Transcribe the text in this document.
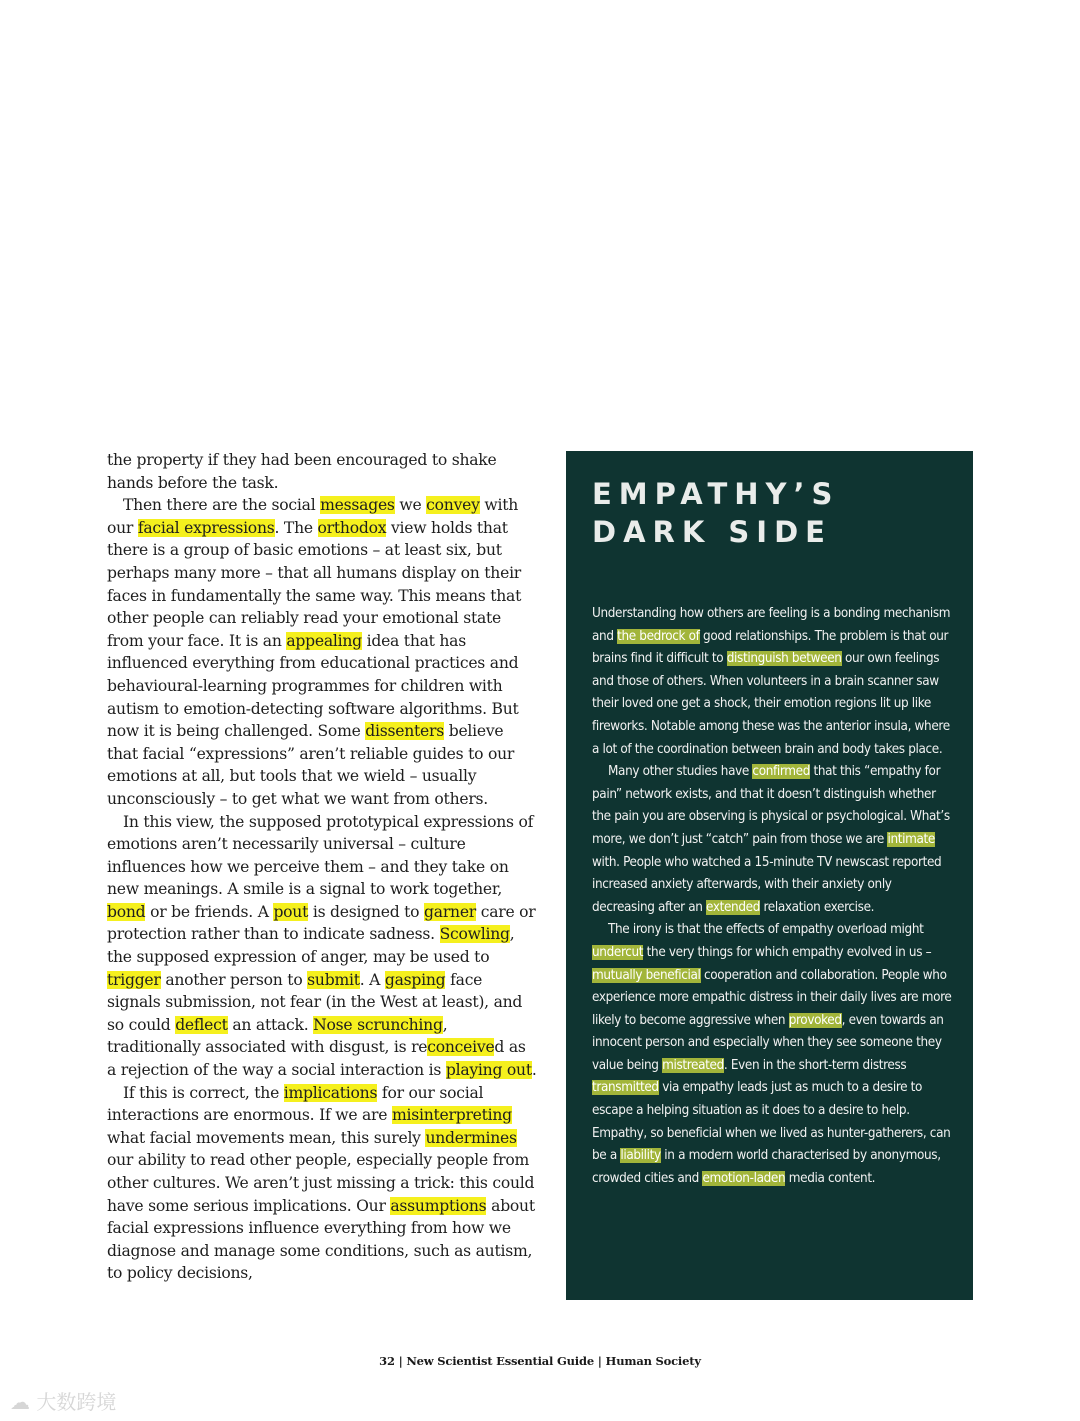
the property if they had been encouraged to shake hands before the task.

Then there are the social messages we convey with our facial expressions. The orthodox view holds that there is a group of basic emotions – at least six, but perhaps many more – that all humans display on their faces in fundamentally the same way. This means that other people can reliably read your emotional state from your face. It is an appealing idea that has influenced everything from educational practices and behavioural-learning programmes for children with autism to emotion-detecting software algorithms. But now it is being challenged. Some dissenters believe that facial “expressions” aren’t reliable guides to our emotions at all, but tools that we wield – usually unconsciously – to get what we want from others.

In this view, the supposed prototypical expressions of emotions aren’t necessarily universal – culture influences how we perceive them – and they take on new meanings. A smile is a signal to work together, bond or be friends. A pout is designed to garner care or protection rather than to indicate sadness. Scowling, the supposed expression of anger, may be used to trigger another person to submit. A gasping face signals submission, not fear (in the West at least), and so could deflect an attack. Nose scrunching, traditionally associated with disgust, is reconceived as a rejection of the way a social interaction is playing out.

If this is correct, the implications for our social interactions are enormous. If we are misinterpreting what facial movements mean, this surely undermines our ability to read other people, especially people from other cultures. We aren’t just missing a trick: this could have some serious implications. Our assumptions about facial expressions influence everything from how we diagnose and manage some conditions, such as autism, to policy decisions,

EMPATHY’S
DARK SIDE

Understanding how others are feeling is a bonding mechanism and the bedrock of good relationships. The problem is that our brains find it difficult to distinguish between our own feelings and those of others. When volunteers in a brain scanner saw their loved one get a shock, their emotion regions lit up like fireworks. Notable among these was the anterior insula, where a lot of the coordination between brain and body takes place.

Many other studies have confirmed that this “empathy for pain” network exists, and that it doesn’t distinguish whether the pain you are observing is physical or psychological. What’s more, we don’t just “catch” pain from those we are intimate with. People who watched a 15-minute TV newscast reported increased anxiety afterwards, with their anxiety only decreasing after an extended relaxation exercise.

The irony is that the effects of empathy overload might undercut the very things for which empathy evolved in us – mutually beneficial cooperation and collaboration. People who experience more empathic distress in their daily lives are more likely to become aggressive when provoked, even towards an innocent person and especially when they see someone they value being mistreated. Even in the short-term distress transmitted via empathy leads just as much to a desire to escape a helping situation as it does to a desire to help. Empathy, so beneficial when we lived as hunter-gatherers, can be a liability in a modern world characterised by anonymous, crowded cities and emotion-laden media content.

32 | New Scientist Essential Guide | Human Society
☁ 大数跨境
